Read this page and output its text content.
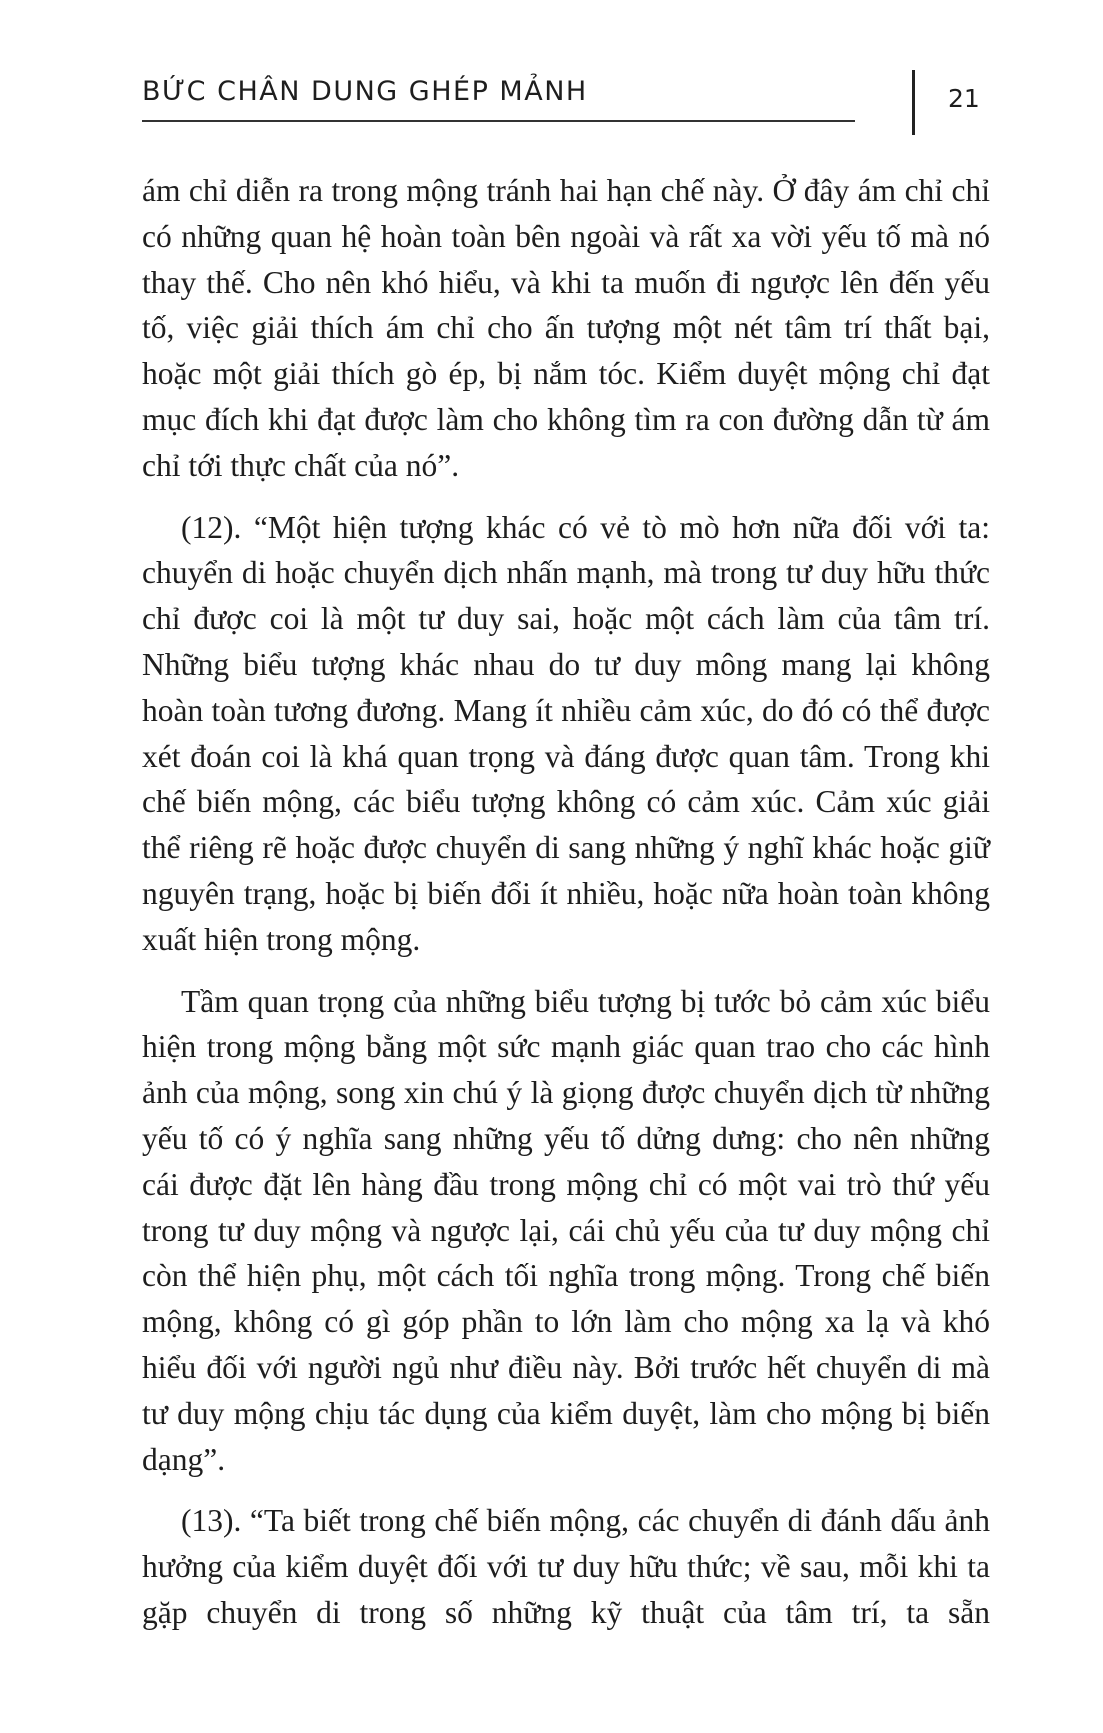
BỨC CHÂN DUNG GHÉP MẢNH	21

ám chỉ diễn ra trong mộng tránh hai hạn chế này. Ở đây ám chỉ chỉ có những quan hệ hoàn toàn bên ngoài và rất xa vời yếu tố mà nó thay thế. Cho nên khó hiểu, và khi ta muốn đi ngược lên đến yếu tố, việc giải thích ám chỉ cho ấn tượng một nét tâm trí thất bại, hoặc một giải thích gò ép, bị nắm tóc. Kiểm duyệt mộng chỉ đạt mục đích khi đạt được làm cho không tìm ra con đường dẫn từ ám chỉ tới thực chất của nó”.

(12). “Một hiện tượng khác có vẻ tò mò hơn nữa đối với ta: chuyển di hoặc chuyển dịch nhấn mạnh, mà trong tư duy hữu thức chỉ được coi là một tư duy sai, hoặc một cách làm của tâm trí. Những biểu tượng khác nhau do tư duy mông mang lại không hoàn toàn tương đương. Mang ít nhiều cảm xúc, do đó có thể được xét đoán coi là khá quan trọng và đáng được quan tâm. Trong khi chế biến mộng, các biểu tượng không có cảm xúc. Cảm xúc giải thể riêng rẽ hoặc được chuyển di sang những ý nghĩ khác hoặc giữ nguyên trạng, hoặc bị biến đổi ít nhiều, hoặc nữa hoàn toàn không xuất hiện trong mộng.

Tầm quan trọng của những biểu tượng bị tước bỏ cảm xúc biểu hiện trong mộng bằng một sức mạnh giác quan trao cho các hình ảnh của mộng, song xin chú ý là giọng được chuyển dịch từ những yếu tố có ý nghĩa sang những yếu tố dửng dưng: cho nên những cái được đặt lên hàng đầu trong mộng chỉ có một vai trò thứ yếu trong tư duy mộng và ngược lại, cái chủ yếu của tư duy mộng chỉ còn thể hiện phụ, một cách tối nghĩa trong mộng. Trong chế biến mộng, không có gì góp phần to lớn làm cho mộng xa lạ và khó hiểu đối với người ngủ như điều này. Bởi trước hết chuyển di mà tư duy mộng chịu tác dụng của kiểm duyệt, làm cho mộng bị biến dạng”.

(13). “Ta biết trong chế biến mộng, các chuyển di đánh dấu ảnh hưởng của kiểm duyệt đối với tư duy hữu thức; về sau, mỗi khi ta gặp chuyển di trong số những kỹ thuật của tâm trí, ta sẵn
